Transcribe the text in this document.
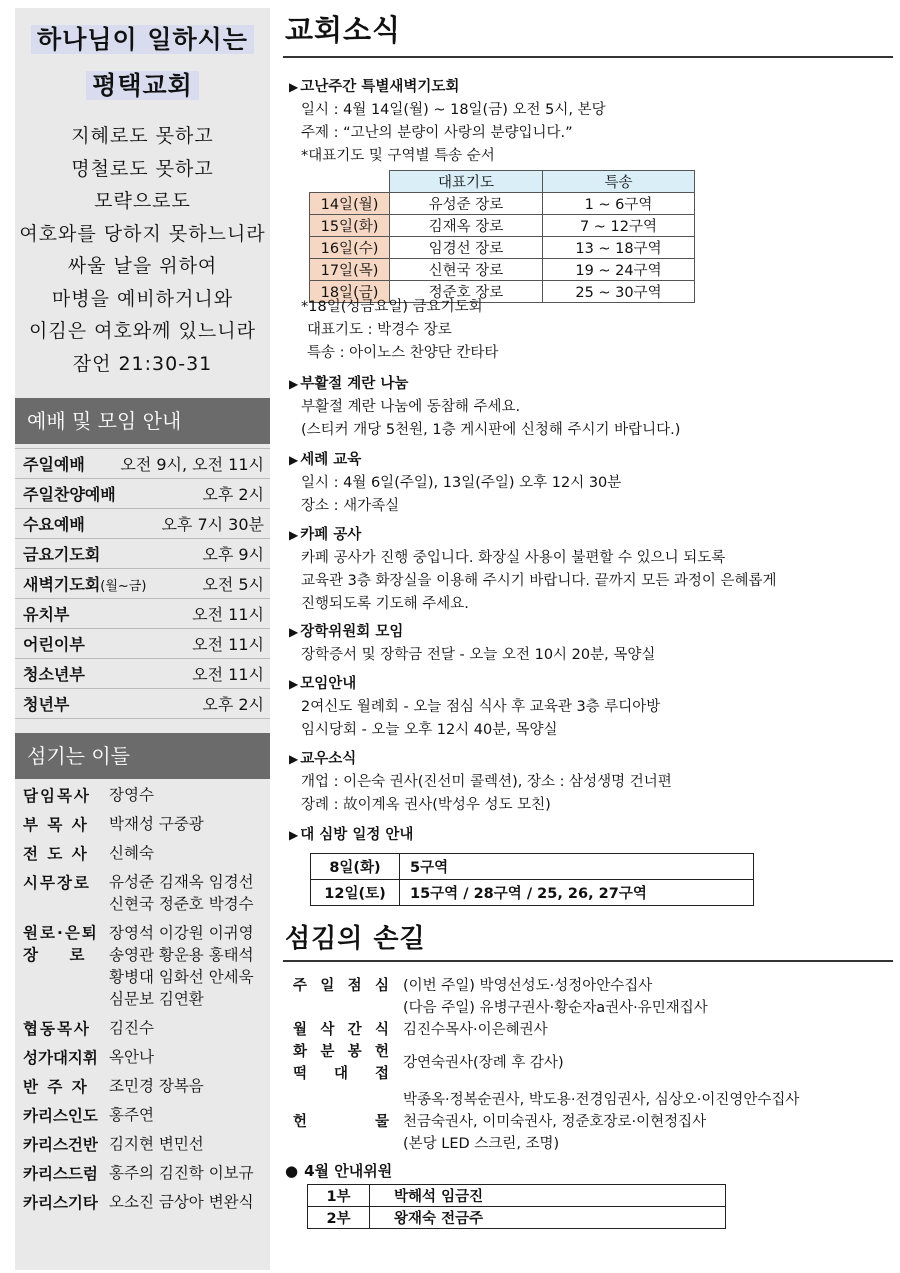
하나님이 일하시는
평택교회
지혜로도 못하고
명철로도 못하고
모략으로도
여호와를 당하지 못하느니라
싸울 날을 위하여
마병을 예비하거니와
이김은 여호와께 있느니라
잠언 21:30-31
예배 및 모임 안내
주일예배 오전 9시, 오전 11시
주일찬양예배	오후 2시
수요예배	오후 7시 30분
금요기도회	오후 9시
새벽기도회(월~금)	오전 5시
유치부	오전 11시
어린이부	오전 11시
청소년부	오전 11시
청년부	오후 2시
섬기는 이들
담임목사	장영수
부 목 사	박재성 구중광
전 도 사	신혜숙
시무장로	유성준 김재옥 임경선 신현국 정준호 박경수
원로·은퇴 장    로
장영석 이강원 이귀영 송영관 황운용 홍태석 황병대 임화선 안세욱 심문보 김연환
협동목사	김진수
성가대지휘 옥안나
반 주 자	조민경 장복음
카리스인도 홍주연
카리스건반 김지현 변민선
카리스드럼 홍주의 김진학 이보규
카리스기타 오소진 금상아 변완식
교회소식
▶ 고난주간 특별새벽기도회
일시 : 4월 14일(월) ~ 18일(금) 오전 5시, 본당
주제 : “고난의 분량이 사랑의 분량입니다.”
*대표기도 및 구역별 특송 순서
	대표기도	특송
14일(월)	유성준 장로	1 ~ 6구역
15일(화)	김재옥 장로	7 ~ 12구역
16일(수)	임경선 장로	13 ~ 18구역
17일(목)	신현국 장로	19 ~ 24구역
18일(금)	정준호 장로	25 ~ 30구역
*18일(성금요일) 금요기도회
대표기도 : 박경수 장로
특송 : 아이노스 찬양단 칸타타
▶ 부활절 계란 나눔
부활절 계란 나눔에 동참해 주세요.
(스티커 개당 5천원, 1층 게시판에 신청해 주시기 바랍니다.)
▶ 세례 교육
일시 : 4월 6일(주일), 13일(주일) 오후 12시 30분
장소 : 새가족실
▶ 카페 공사
카페 공사가 진행 중입니다. 화장실 사용이 불편할 수 있으니 되도록
교육관 3층 화장실을 이용해 주시기 바랍니다. 끝까지 모든 과정이 은혜롭게
진행되도록 기도해 주세요.
▶ 장학위원회 모임
장학증서 및 장학금 전달 - 오늘 오전 10시 20분, 목양실
▶ 모임안내
2여신도 월례회 - 오늘 점심 식사 후 교육관 3층 루디아방
임시당회 - 오늘 오후 12시 40분, 목양실
▶ 교우소식
개업 : 이은숙 권사(진선미 콜렉션), 장소 : 삼성생명 건너편
장례 : 故이계옥 권사(박성우 성도 모친)
▶ 대 심방 일정 안내
8일(화)	5구역
12일(토)	15구역 / 28구역 / 25, 26, 27구역
섬김의 손길
주 일 점 심 (이번 주일) 박영선성도·성정아안수집사
(다음 주일) 유병구권사·황순자a권사·유민재집사
월 삭 간 식 김진수목사·이은혜권사
화 분 봉 헌
떡 대 접
강연숙권사(장례 후 감사)
헌	물
박종옥·정복순권사, 박도용·전경임권사, 심상오·이진영안수집사
천금숙권사, 이미숙권사, 정준호장로·이현정집사
(본당 LED 스크린, 조명)
● 4월 안내위원
1부	박해석 임금진
2부	왕재숙 전금주
